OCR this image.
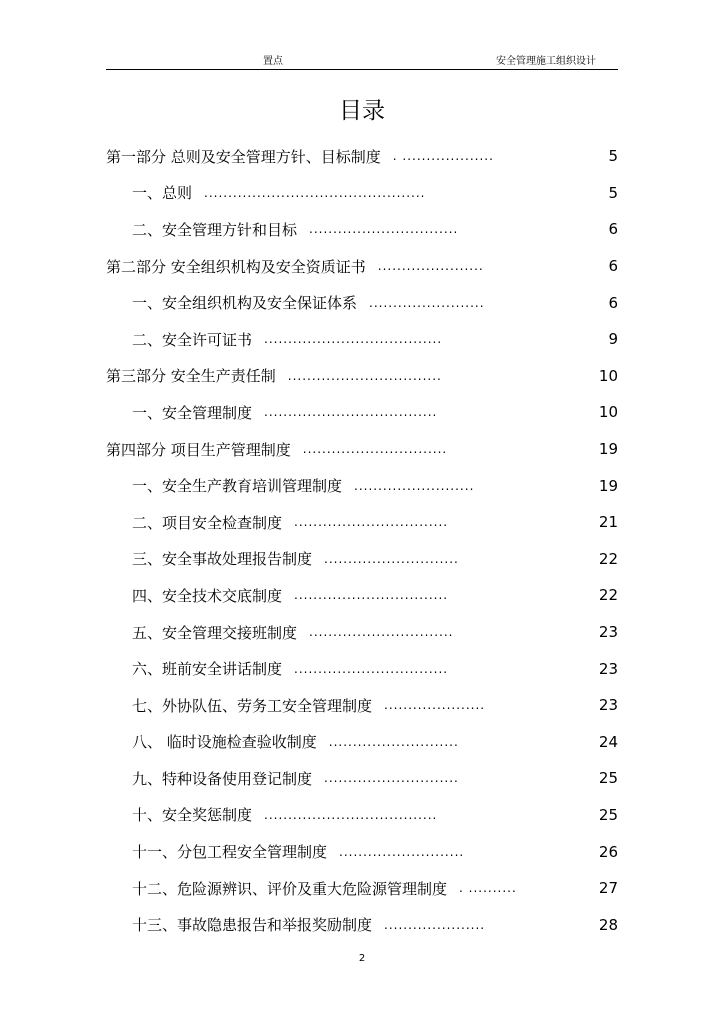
置点	安全管理施工组织设计
目录
第一部分 总则及安全管理方针、目标制度 . ...................	5
一、总则 ..............................................	5
二、安全管理方针和目标 ...............................	6
第二部分 安全组织机构及安全资质证书 ......................	6
一、安全组织机构及安全保证体系 ........................	6
二、安全许可证书 .....................................	9
第三部分 安全生产责任制 ................................	10
一、安全管理制度 ....................................	10
第四部分 项目生产管理制度 ..............................	19
一、安全生产教育培训管理制度 .........................	19
二、项目安全检查制度 ................................	21
三、安全事故处理报告制度 ............................	22
四、安全技术交底制度 ................................	22
五、安全管理交接班制度 ..............................	23
六、班前安全讲话制度 ................................	23
七、外协队伍、劳务工安全管理制度 .....................	23
八、 临时设施检查验收制度 ...........................	24
九、特种设备使用登记制度 ............................	25
十、安全奖惩制度 ....................................	25
十一、分包工程安全管理制度 ..........................	26
十二、危险源辨识、评价及重大危险源管理制度 . ..........	27
十三、事故隐患报告和举报奖励制度 .....................	28
2
